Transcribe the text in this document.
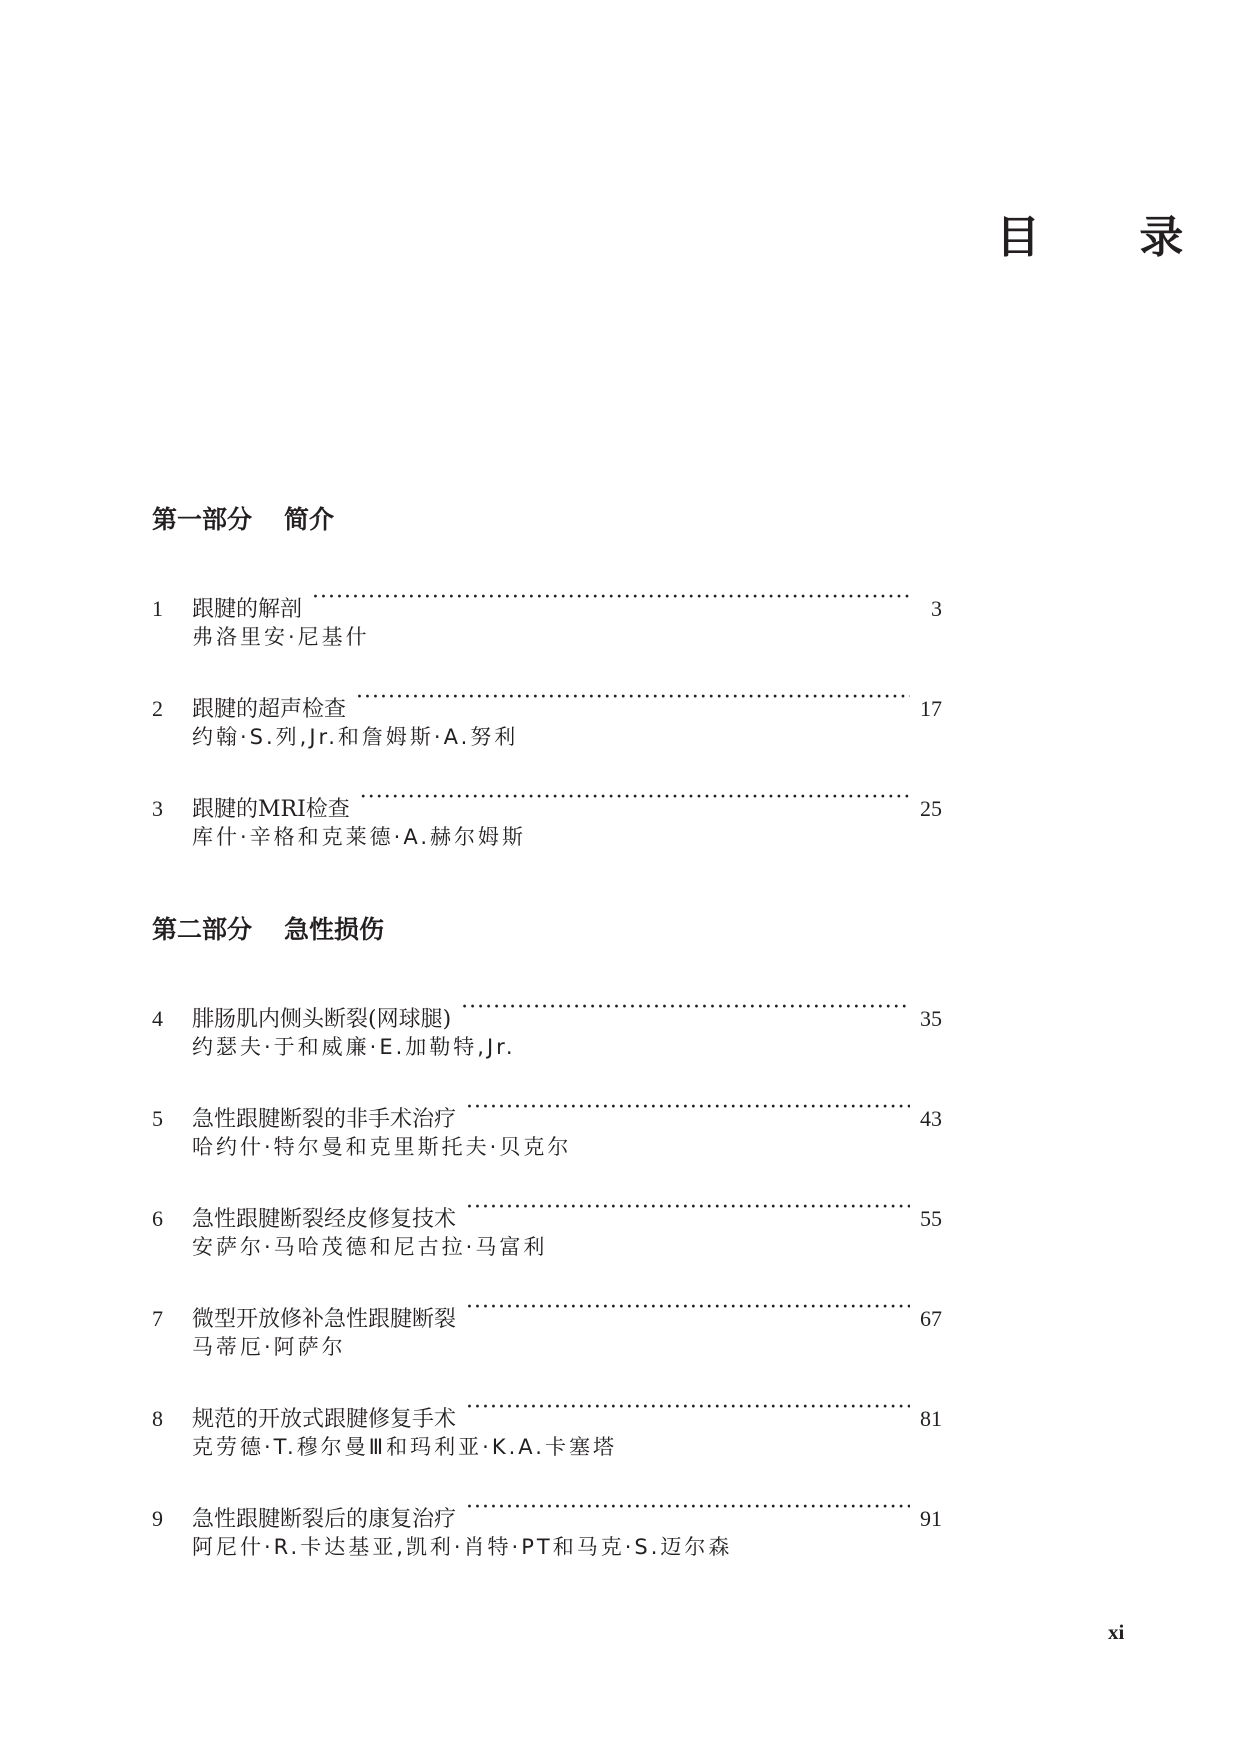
目 录
第一部分 简介
1	跟腱的解剖 ·····	3
弗洛里安·尼基什
2	跟腱的超声检查 ·····	17
约翰·S.列,Jr.和詹姆斯·A.努利
3	跟腱的MRI检查 ·····	25
库什·辛格和克莱德·A.赫尔姆斯
第二部分 急性损伤
4	腓肠肌内侧头断裂(网球腿) ·····	35
约瑟夫·于和威廉·E.加勒特,Jr.
5	急性跟腱断裂的非手术治疗 ·····	43
哈约什·特尔曼和克里斯托夫·贝克尔
6	急性跟腱断裂经皮修复技术 ·····	55
安萨尔·马哈茂德和尼古拉·马富利
7	微型开放修补急性跟腱断裂 ·····	67
马蒂厄·阿萨尔
8	规范的开放式跟腱修复手术 ·····	81
克劳德·T.穆尔曼Ⅲ和玛利亚·K.A.卡塞塔
9	急性跟腱断裂后的康复治疗 ·····	91
阿尼什·R.卡达基亚,凯利·肖特·PT和马克·S.迈尔森
xi
